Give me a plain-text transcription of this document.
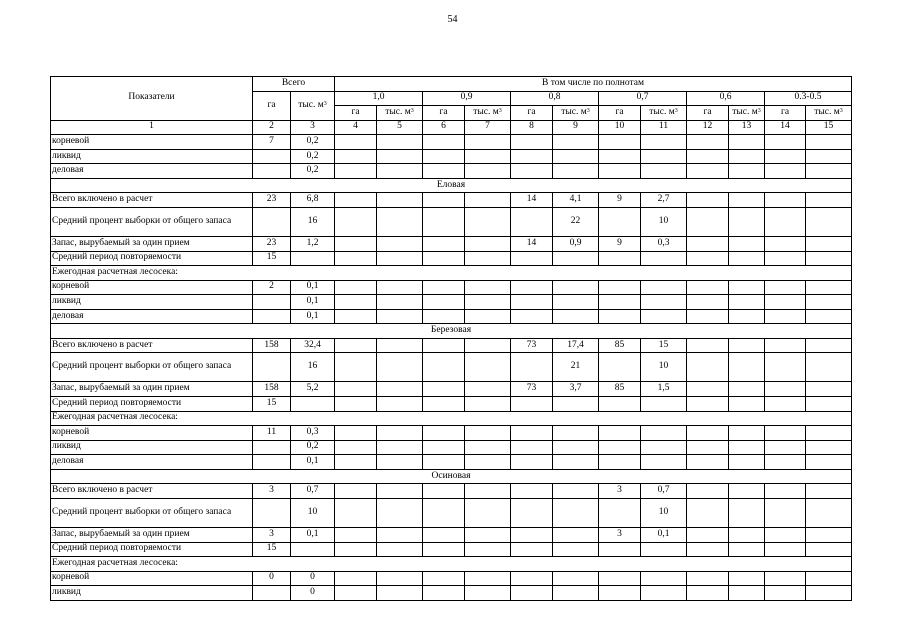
54
Показатели	Всего		В том числе по полнотам											
	га	тыс. $м^3$	1,0		0,9		0,8		0,7		0,6		0.3-0.5	
			га	тыс. $м^3$	га	тыс. $м^3$	га	тыс. $м^3$	га	тыс. $м^3$	га	тыс. $м^3$	га	тыс. $м^3$
1	2	3	4	5	6	7	8	9	10	11	12	13	14	15
корневой	7	0,2												
ликвид		0,2												
деловая		0,2												
Еловая														
Всего включено в расчет	23	6,8					14	4,1	9	2,7				
Средний процент выборки от общего запаса		16						22		10				
Запас, вырубаемый за один прием	23	1,2					14	0,9	9	0,3				
Средний период повторяемости	15													
Ежегодная расчетная лесосека:														
корневой	2	0,1												
ликвид		0,1												
деловая		0,1												
Березовая														
Всего включено в расчет	158	32,4					73	17,4	85	15				
Средний процент выборки от общего запаса		16						21		10				
Запас, вырубаемый за один прием	158	5,2					73	3,7	85	1,5				
Средний период повторяемости	15													
Ежегодная расчетная лесосека:														
корневой	11	0,3												
ликвид		0,2												
деловая		0,1												
Осиновая														
Всего включено в расчет	3	0,7							3	0,7				
Средний процент выборки от общего запаса		10								10				
Запас, вырубаемый за один прием	3	0,1							3	0,1				
Средний период повторяемости	15													
Ежегодная расчетная лесосека:														
корневой	0	0												
ликвид		0												
